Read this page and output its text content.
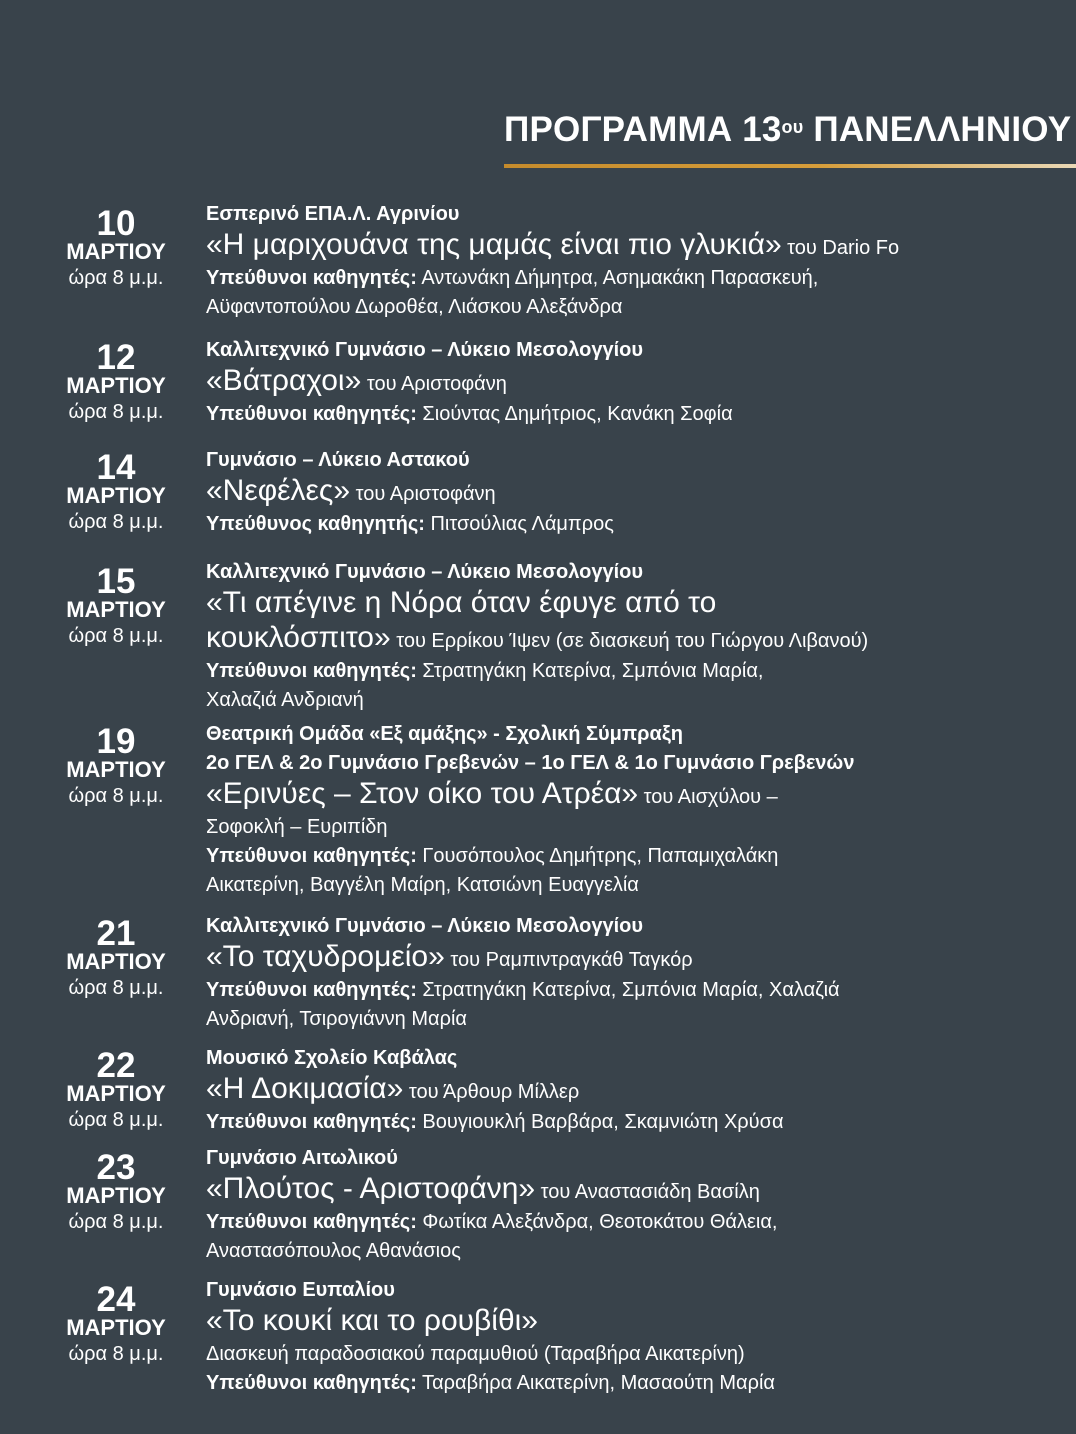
ΠΡΟΓΡΑΜΜΑ $13^{o\upsilon}$ ΠΑΝΕΛΛΗΝΙΟΥ
10
ΜΑΡΤΙΟΥ
ώρα 8 μ.μ.
Εσπερινό ΕΠΑ.Λ. Αγρινίου
«Η μαριχουάνα της μαμάς είναι πιο γλυκιά» του Dario Fo
Υπεύθυνοι καθηγητές: Αντωνάκη Δήμητρα, Ασημακάκη Παρασκευή,
Αϋφαντοπούλου Δωροθέα, Λιάσκου Αλεξάνδρα
12
ΜΑΡΤΙΟΥ
ώρα 8 μ.μ.
Καλλιτεχνικό Γυμνάσιο – Λύκειο Μεσολογγίου
«Βάτραχοι» του Αριστοφάνη
Υπεύθυνοι καθηγητές: Σιούντας Δημήτριος, Κανάκη Σοφία
14
ΜΑΡΤΙΟΥ
ώρα 8 μ.μ.
Γυμνάσιο – Λύκειο Αστακού
«Νεφέλες» του Αριστοφάνη
Υπεύθυνος καθηγητής: Πιτσούλιας Λάμπρος
15
ΜΑΡΤΙΟΥ
ώρα 8 μ.μ.
Καλλιτεχνικό Γυμνάσιο – Λύκειο Μεσολογγίου
«Τι απέγινε η Νόρα όταν έφυγε από το
κουκλόσπιτο» του Ερρίκου Ίψεν (σε διασκευή του Γιώργου Λιβανού)
Υπεύθυνοι καθηγητές: Στρατηγάκη Κατερίνα, Σμπόνια Μαρία,
Χαλαζιά Ανδριανή
19
ΜΑΡΤΙΟΥ
ώρα 8 μ.μ.
Θεατρική Ομάδα «Εξ αμάξης» - Σχολική Σύμπραξη
2ο ΓΕΛ & 2ο Γυμνάσιο Γρεβενών – 1ο ΓΕΛ & 1ο Γυμνάσιο Γρεβενών
«Ερινύες – Στον οίκο του Ατρέα» του Αισχύλου –
Σοφοκλή – Ευριπίδη
Υπεύθυνοι καθηγητές: Γουσόπουλος Δημήτρης, Παπαμιχαλάκη
Αικατερίνη, Βαγγέλη Μαίρη, Κατσιώνη Ευαγγελία
21
ΜΑΡΤΙΟΥ
ώρα 8 μ.μ.
Καλλιτεχνικό Γυμνάσιο – Λύκειο Μεσολογγίου
«Το ταχυδρομείο» του Ραμπιντραγκάθ Ταγκόρ
Υπεύθυνοι καθηγητές: Στρατηγάκη Κατερίνα, Σμπόνια Μαρία, Χαλαζιά
Ανδριανή, Τσιρογιάννη Μαρία
22
ΜΑΡΤΙΟΥ
ώρα 8 μ.μ.
Μουσικό Σχολείο Καβάλας
«Η Δοκιμασία» του Άρθουρ Μίλλερ
Υπεύθυνοι καθηγητές: Βουγιουκλή Βαρβάρα, Σκαμνιώτη Χρύσα
23
ΜΑΡΤΙΟΥ
ώρα 8 μ.μ.
Γυμνάσιο Αιτωλικού
«Πλούτος - Αριστοφάνη» του Αναστασιάδη Βασίλη
Υπεύθυνοι καθηγητές: Φωτίκα Αλεξάνδρα, Θεοτοκάτου Θάλεια,
Αναστασόπουλος Αθανάσιος
24
ΜΑΡΤΙΟΥ
ώρα 8 μ.μ.
Γυμνάσιο Ευπαλίου
«Το κουκί και το ρουβίθι»
Διασκευή παραδοσιακού παραμυθιού (Ταραβήρα Αικατερίνη)
Υπεύθυνοι καθηγητές: Ταραβήρα Αικατερίνη, Μασαούτη Μαρία
